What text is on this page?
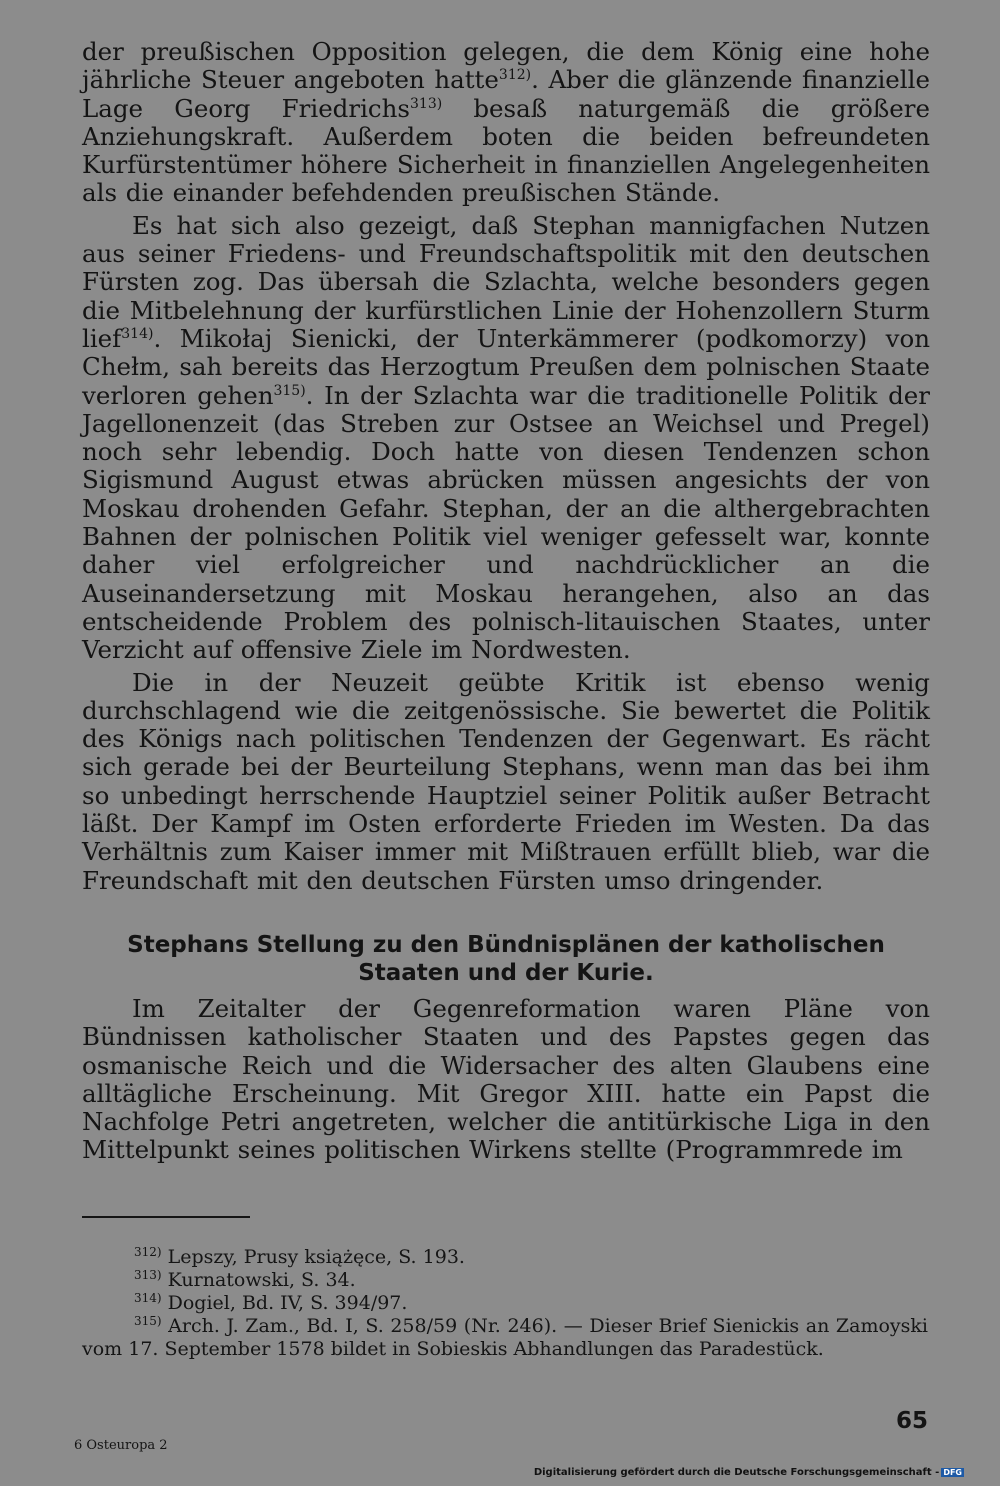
der preußischen Opposition gelegen, die dem König eine hohe jährliche Steuer angeboten hatte$^{312)}$. Aber die glänzende finanzielle Lage Georg Friedrichs$^{313)}$ besaß naturgemäß die größere Anziehungskraft. Außerdem boten die beiden befreundeten Kurfürstentümer höhere Sicherheit in finanziellen Angelegenheiten als die einander befehdenden preußischen Stände.

Es hat sich also gezeigt, daß Stephan mannigfachen Nutzen aus seiner Friedens- und Freundschaftspolitik mit den deutschen Fürsten zog. Das übersah die Szlachta, welche besonders gegen die Mitbelehnung der kurfürstlichen Linie der Hohenzollern Sturm lief$^{314)}$. Mikołaj Sienicki, der Unterkämmerer (podkomorzy) von Chełm, sah bereits das Herzogtum Preußen dem polnischen Staate verloren gehen$^{315)}$. In der Szlachta war die traditionelle Politik der Jagellonenzeit (das Streben zur Ostsee an Weichsel und Pregel) noch sehr lebendig. Doch hatte von diesen Tendenzen schon Sigismund August etwas abrücken müssen angesichts der von Moskau drohenden Gefahr. Stephan, der an die althergebrachten Bahnen der polnischen Politik viel weniger gefesselt war, konnte daher viel erfolgreicher und nachdrücklicher an die Auseinandersetzung mit Moskau herangehen, also an das entscheidende Problem des polnisch-litauischen Staates, unter Verzicht auf offensive Ziele im Nordwesten.

Die in der Neuzeit geübte Kritik ist ebenso wenig durchschlagend wie die zeitgenössische. Sie bewertet die Politik des Königs nach politischen Tendenzen der Gegenwart. Es rächt sich gerade bei der Beurteilung Stephans, wenn man das bei ihm so unbedingt herrschende Hauptziel seiner Politik außer Betracht läßt. Der Kampf im Osten erforderte Frieden im Westen. Da das Verhältnis zum Kaiser immer mit Mißtrauen erfüllt blieb, war die Freundschaft mit den deutschen Fürsten umso dringender.

Stephans Stellung zu den Bündnisplänen der katholischen
Staaten und der Kurie.

Im Zeitalter der Gegenreformation waren Pläne von Bündnissen katholischer Staaten und des Papstes gegen das osmanische Reich und die Widersacher des alten Glaubens eine alltägliche Erscheinung. Mit Gregor XIII. hatte ein Papst die Nachfolge Petri angetreten, welcher die antitürkische Liga in den Mittelpunkt seines politischen Wirkens stellte (Programmrede im

$^{312)}$ Lepszy, Prusy książęce, S. 193.
$^{313)}$ Kurnatowski, S. 34.
$^{314)}$ Dogiel, Bd. IV, S. 394/97.
$^{315)}$ Arch. J. Zam., Bd. I, S. 258/59 (Nr. 246). — Dieser Brief Sienickis an Zamoyski vom 17. September 1578 bildet in Sobieskis Abhandlungen das Paradestück.
65
6 Osteuropa 2
Digitalisierung gefördert durch die Deutsche Forschungsgemeinschaft - DFG
